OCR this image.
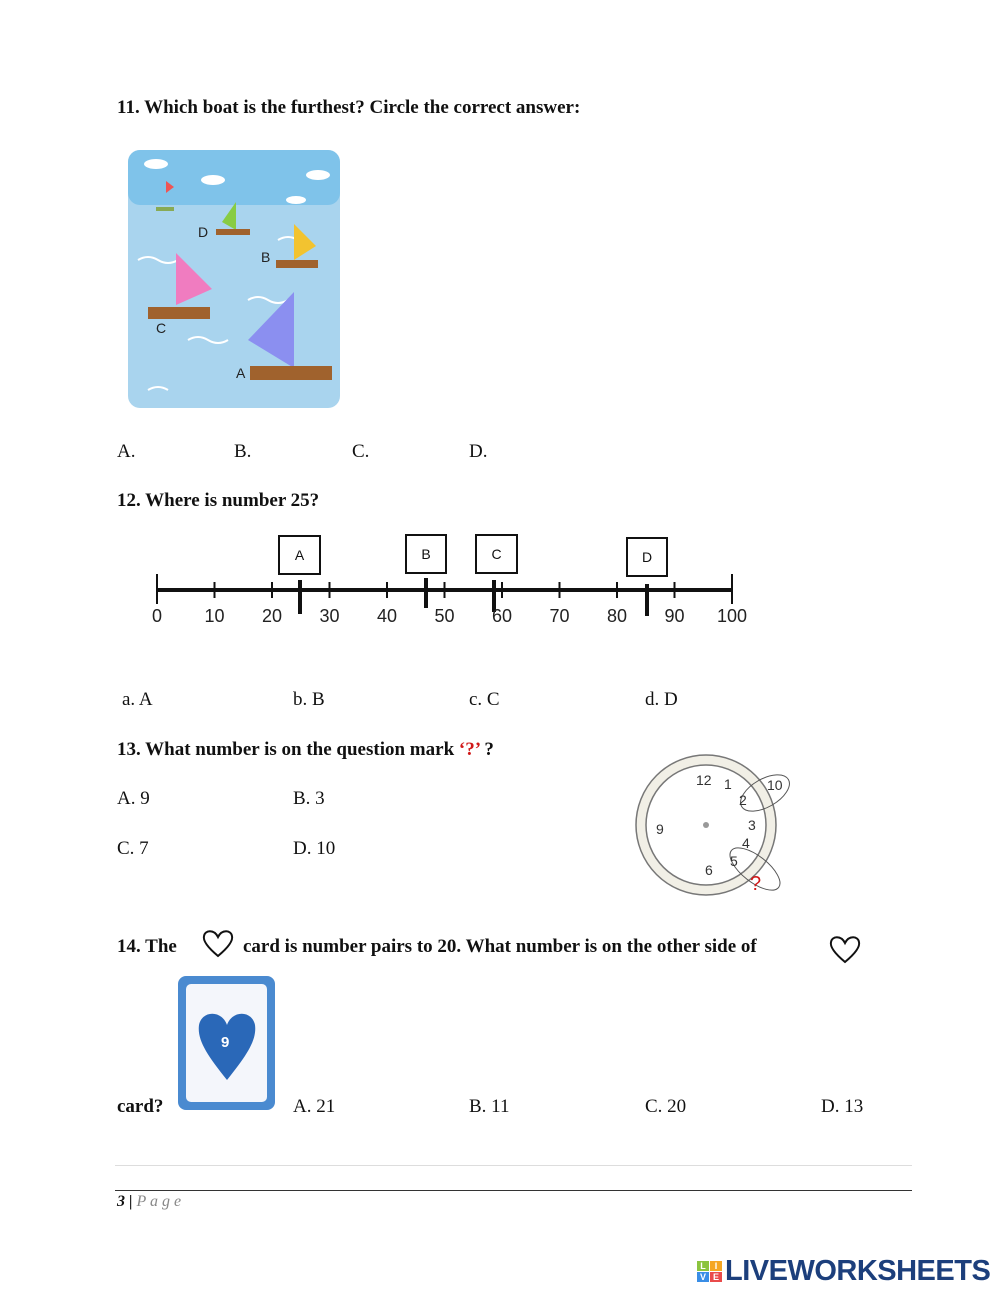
11. Which boat is the furthest? Circle the correct answer:
D
B
C
A
A.	B.	C.	D.
12. Where is number 25?
A	B	C	D
0 10 20 30 40 50 60 70 80 90 100
a. A	b. B	c. C	d. D
13. What number is on the question mark ‘?’ ?
A. 9	B. 3
C. 7	D. 10
12 1
2
10
3
4
5
6
9
?
14. The	card is number pairs to 20. What number is on the other side of
9
card?	A. 21	B. 11	C. 20	D. 13
3 | P a g e
L I
V E LIVEWORKSHEETS
